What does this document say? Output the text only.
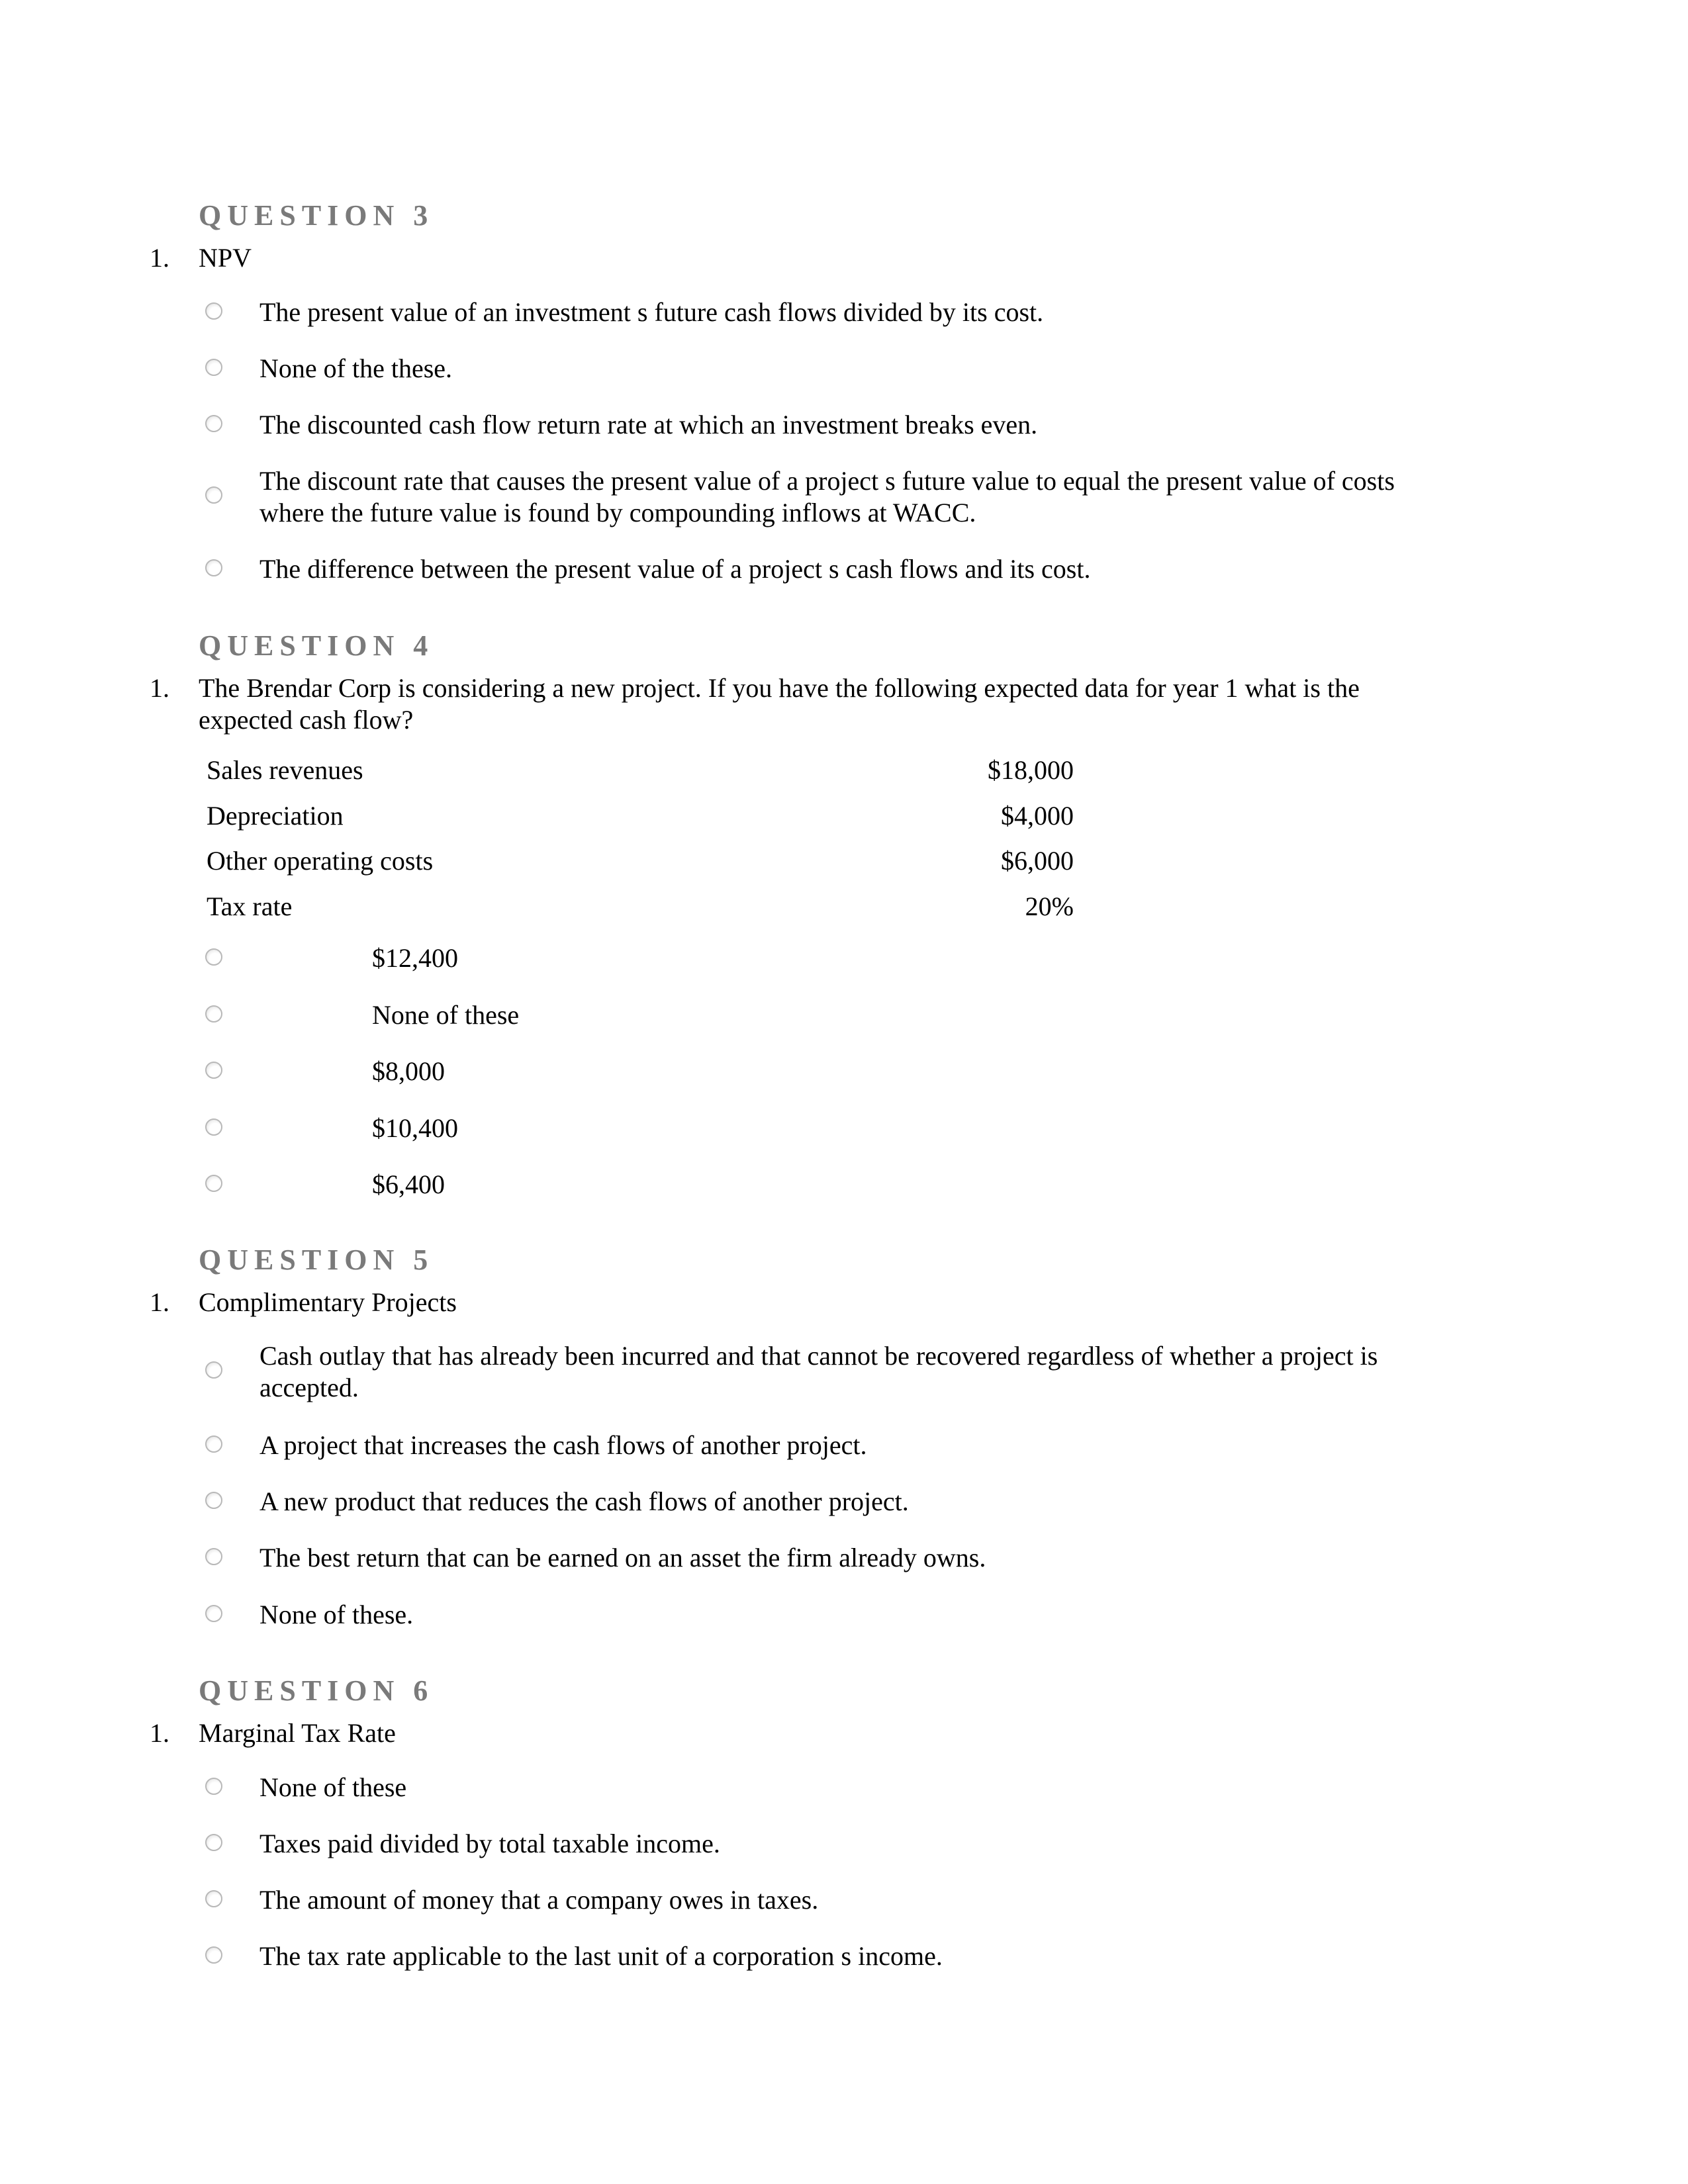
QUESTION 3
1. NPV
The present value of an investment s future cash flows divided by its cost.
None of the these.
The discounted cash flow return rate at which an investment breaks even.
The discount rate that causes the present value of a project s future value to equal the present value of costs where the future value is found by compounding inflows at WACC.
The difference between the present value of a project s cash flows and its cost.
QUESTION 4
1. The Brendar Corp is considering a new project. If you have the following expected data for year 1 what is the expected cash flow?
Sales revenues	$18,000
Depreciation	$4,000
Other operating costs	$6,000
Tax rate	20%
$12,400
None of these
$8,000
$10,400
$6,400
QUESTION 5
1. Complimentary Projects
Cash outlay that has already been incurred and that cannot be recovered regardless of whether a project is accepted.
A project that increases the cash flows of another project.
A new product that reduces the cash flows of another project.
The best return that can be earned on an asset the firm already owns.
None of these.
QUESTION 6
1. Marginal Tax Rate
None of these
Taxes paid divided by total taxable income.
The amount of money that a company owes in taxes.
The tax rate applicable to the last unit of a corporation s income.
